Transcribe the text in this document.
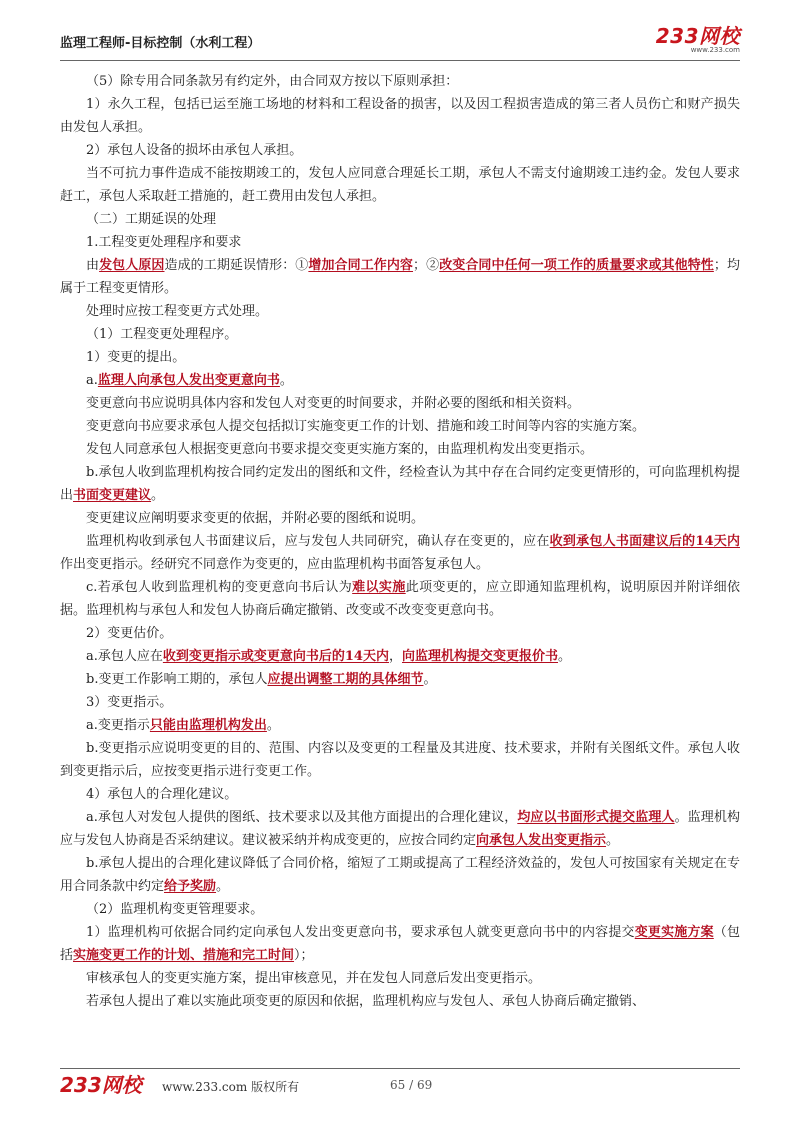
监理工程师-目标控制（水利工程）	233网校
www.233.com

（5）除专用合同条款另有约定外，由合同双方按以下原则承担：

1）永久工程，包括已运至施工场地的材料和工程设备的损害，以及因工程损害造成的第三者人员伤亡和财产损失由发包人承担。

2）承包人设备的损坏由承包人承担。

当不可抗力事件造成不能按期竣工的，发包人应同意合理延长工期，承包人不需支付逾期竣工违约金。发包人要求赶工，承包人采取赶工措施的，赶工费用由发包人承担。

（二）工期延误的处理

1.工程变更处理程序和要求

由发包人原因造成的工期延误情形：①增加合同工作内容；②改变合同中任何一项工作的质量要求或其他特性；均属于工程变更情形。

处理时应按工程变更方式处理。

（1）工程变更处理程序。

1）变更的提出。

a.监理人向承包人发出变更意向书。

变更意向书应说明具体内容和发包人对变更的时间要求，并附必要的图纸和相关资料。

变更意向书应要求承包人提交包括拟订实施变更工作的计划、措施和竣工时间等内容的实施方案。

发包人同意承包人根据变更意向书要求提交变更实施方案的，由监理机构发出变更指示。

b.承包人收到监理机构按合同约定发出的图纸和文件，经检查认为其中存在合同约定变更情形的，可向监理机构提出书面变更建议。

变更建议应阐明要求变更的依据，并附必要的图纸和说明。

监理机构收到承包人书面建议后，应与发包人共同研究，确认存在变更的，应在收到承包人书面建议后的14天内作出变更指示。经研究不同意作为变更的，应由监理机构书面答复承包人。

c.若承包人收到监理机构的变更意向书后认为难以实施此项变更的，应立即通知监理机构，说明原因并附详细依据。监理机构与承包人和发包人协商后确定撤销、改变或不改变变更意向书。

2）变更估价。

a.承包人应在收到变更指示或变更意向书后的14天内，向监理机构提交变更报价书。

b.变更工作影响工期的，承包人应提出调整工期的具体细节。

3）变更指示。

a.变更指示只能由监理机构发出。

b.变更指示应说明变更的目的、范围、内容以及变更的工程量及其进度、技术要求，并附有关图纸文件。承包人收到变更指示后，应按变更指示进行变更工作。

4）承包人的合理化建议。

a.承包人对发包人提供的图纸、技术要求以及其他方面提出的合理化建议，均应以书面形式提交监理人。监理机构应与发包人协商是否采纳建议。建议被采纳并构成变更的，应按合同约定向承包人发出变更指示。

b.承包人提出的合理化建议降低了合同价格，缩短了工期或提高了工程经济效益的，发包人可按国家有关规定在专用合同条款中约定给予奖励。

（2）监理机构变更管理要求。

1）监理机构可依据合同约定向承包人发出变更意向书，要求承包人就变更意向书中的内容提交变更实施方案（包括实施变更工作的计划、措施和完工时间）；

审核承包人的变更实施方案，提出审核意见，并在发包人同意后发出变更指示。

若承包人提出了难以实施此项变更的原因和依据，监理机构应与发包人、承包人协商后确定撤销、

233网校 www.233.com 版权所有	65 / 69
